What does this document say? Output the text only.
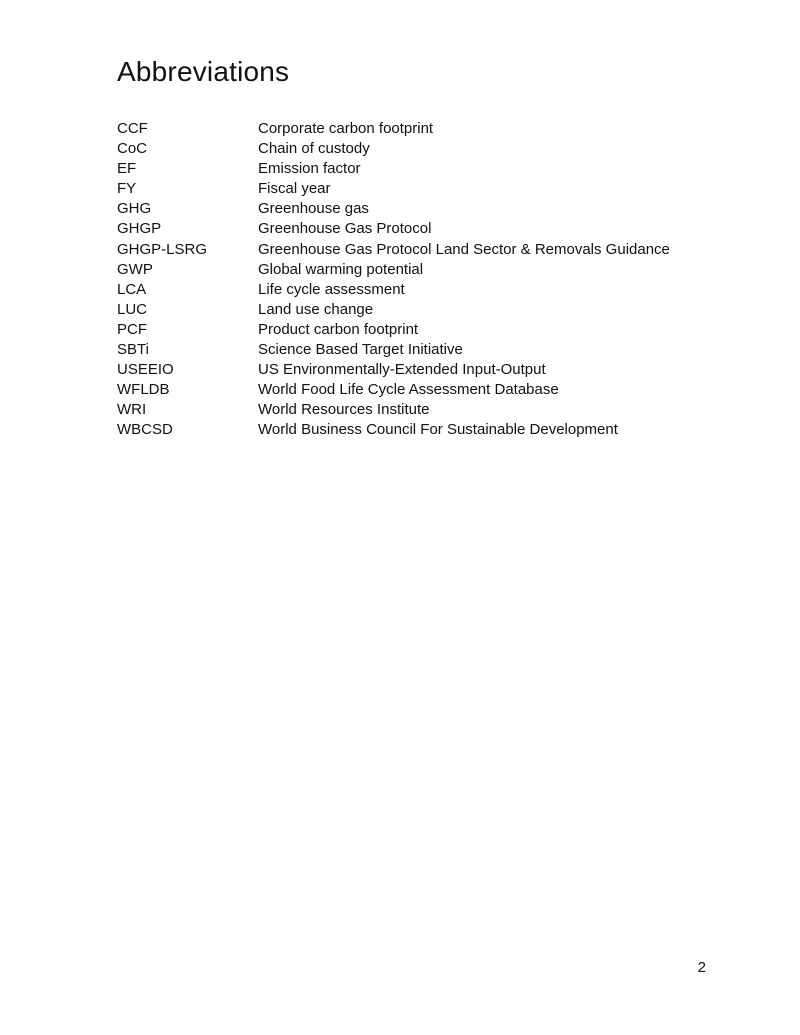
Abbreviations
CCF	Corporate carbon footprint
CoC	Chain of custody
EF	Emission factor
FY	Fiscal year
GHG	Greenhouse gas
GHGP	Greenhouse Gas Protocol
GHGP-LSRG	Greenhouse Gas Protocol Land Sector & Removals Guidance
GWP	Global warming potential
LCA	Life cycle assessment
LUC	Land use change
PCF	Product carbon footprint
SBTi	Science Based Target Initiative
USEEIO	US Environmentally-Extended Input-Output
WFLDB	World Food Life Cycle Assessment Database
WRI	World Resources Institute
WBCSD	World Business Council For Sustainable Development
2
